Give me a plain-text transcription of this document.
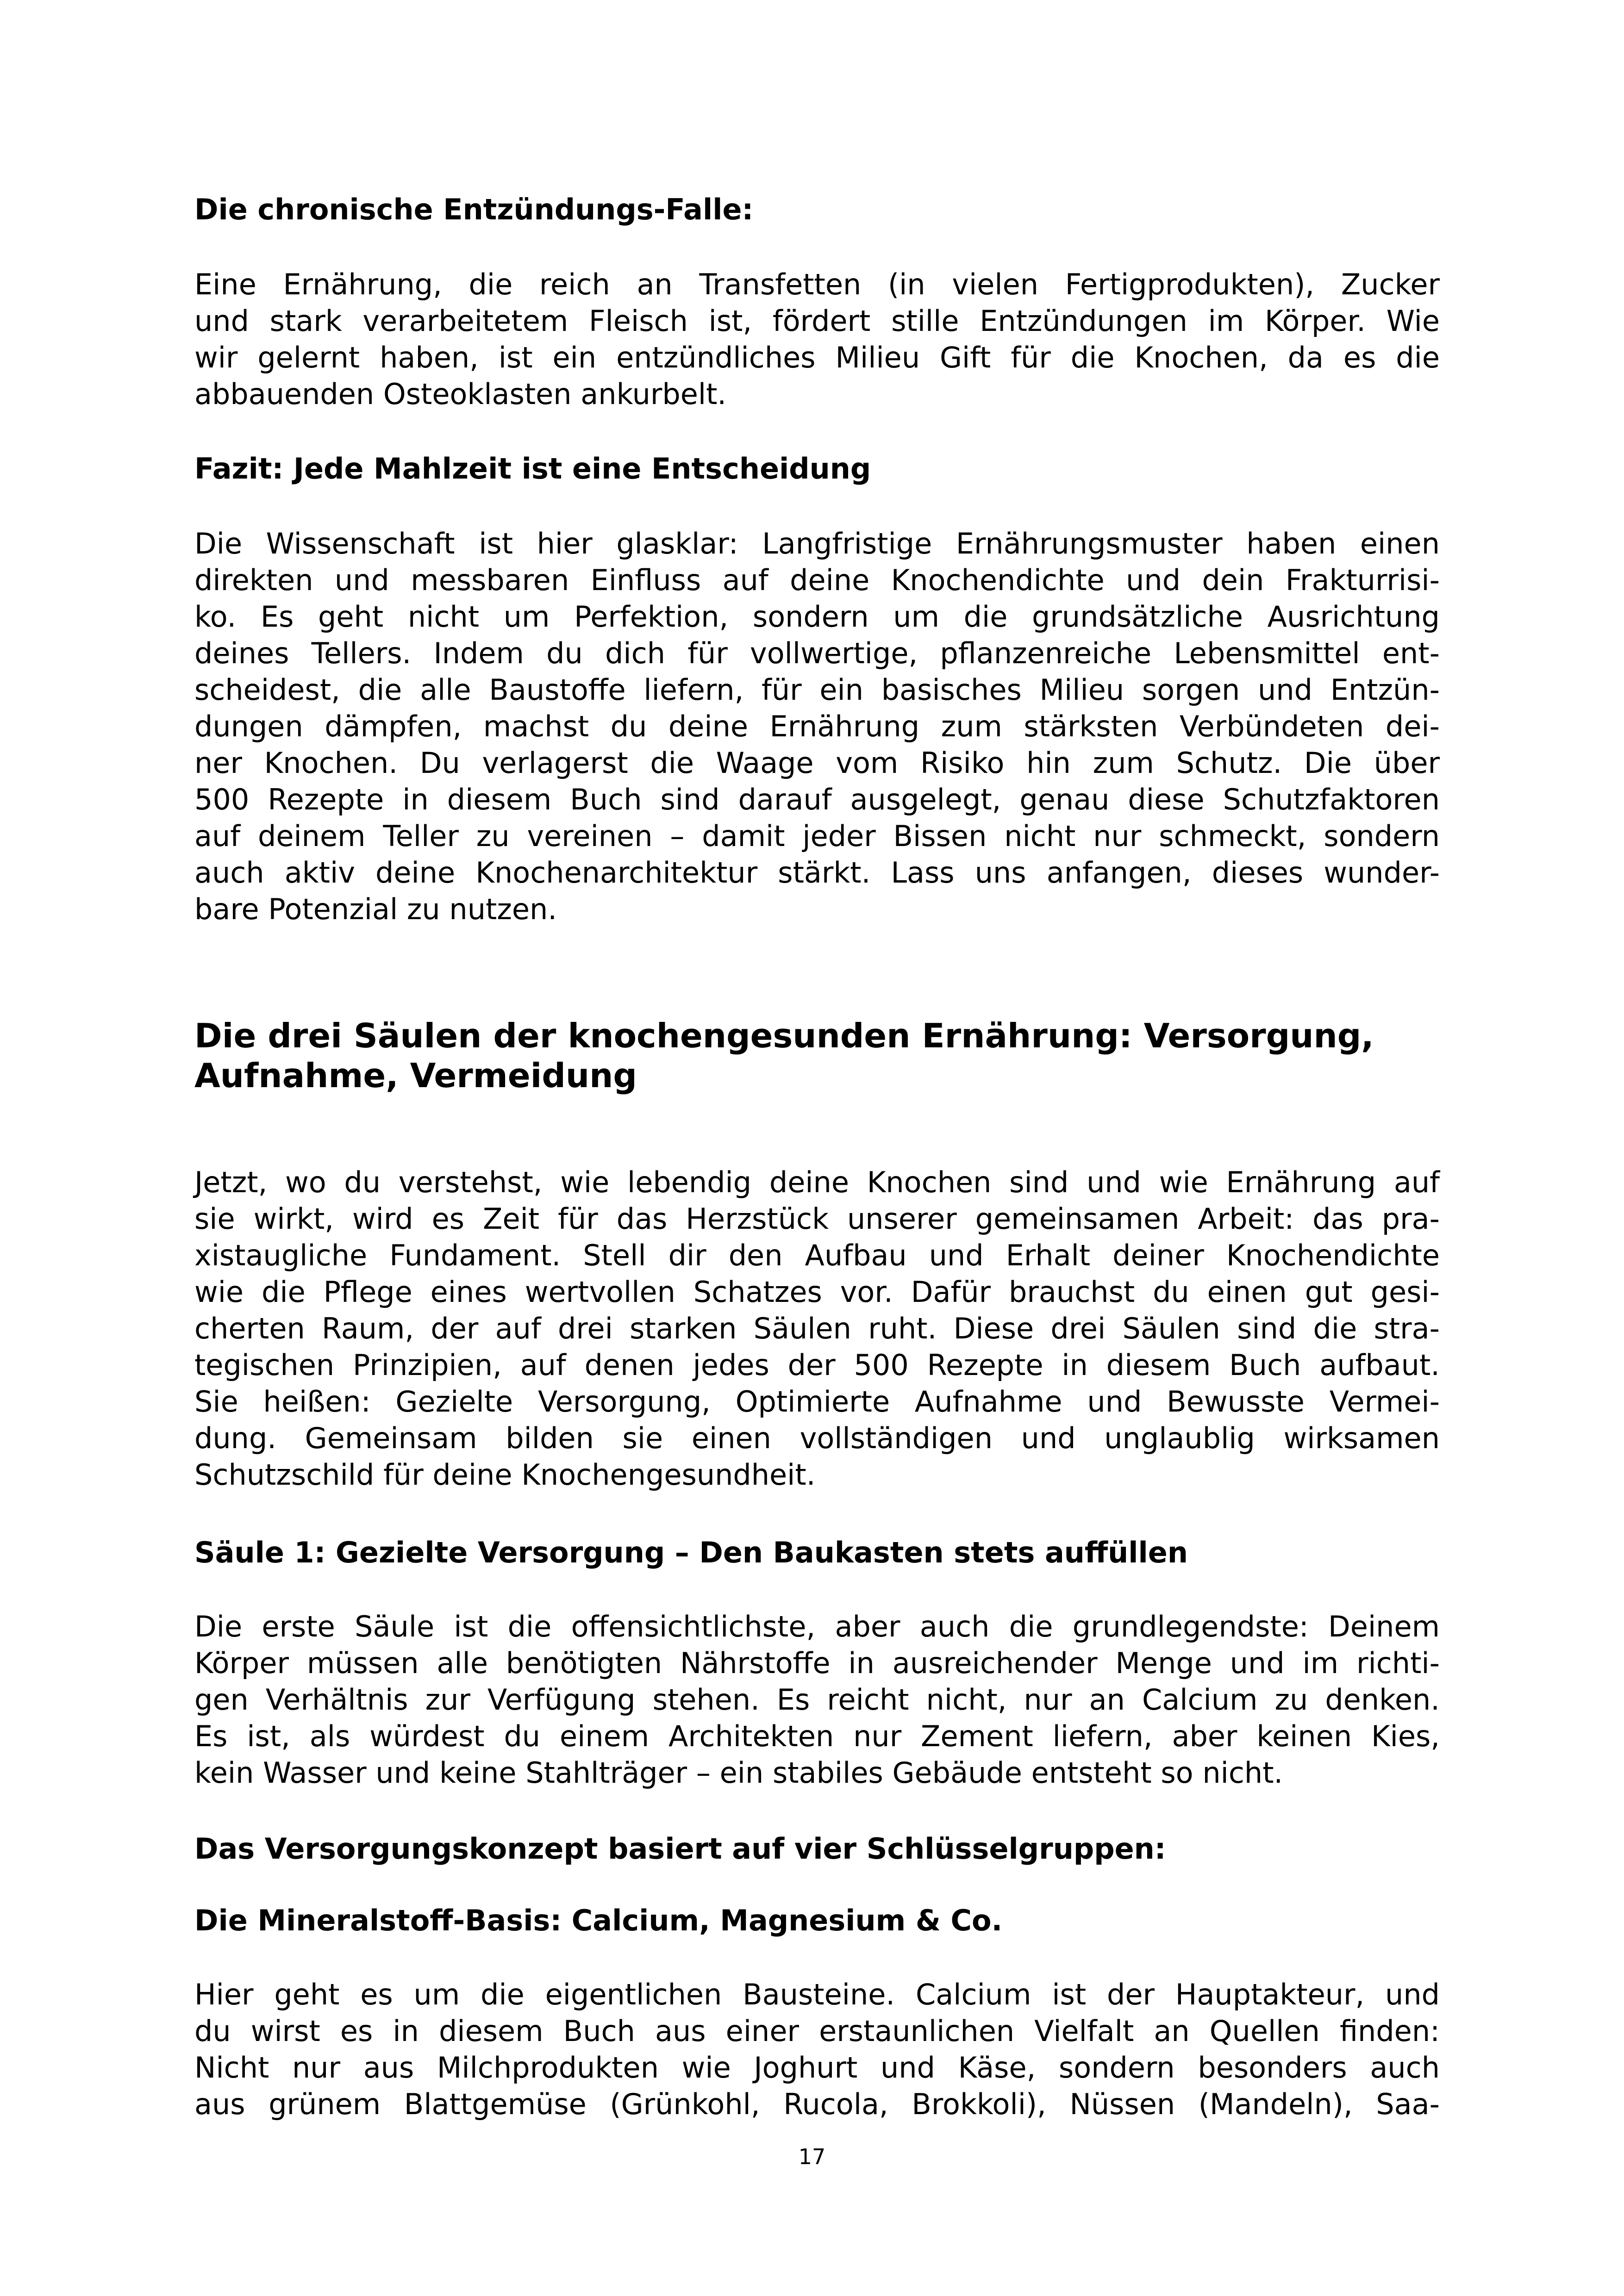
Die chronische Entzündungs-Falle:
Eine Ernährung, die reich an Transfetten (in vielen Fertigprodukten), Zucker
und stark verarbeitetem Fleisch ist, fördert stille Entzündungen im Körper. Wie
wir gelernt haben, ist ein entzündliches Milieu Gift für die Knochen, da es die
abbauenden Osteoklasten ankurbelt.
Fazit: Jede Mahlzeit ist eine Entscheidung
Die Wissenschaft ist hier glasklar: Langfristige Ernährungsmuster haben einen
direkten und messbaren Einfluss auf deine Knochendichte und dein Frakturrisi-
ko. Es geht nicht um Perfektion, sondern um die grundsätzliche Ausrichtung
deines Tellers. Indem du dich für vollwertige, pflanzenreiche Lebensmittel ent-
scheidest, die alle Baustoffe liefern, für ein basisches Milieu sorgen und Entzün-
dungen dämpfen, machst du deine Ernährung zum stärksten Verbündeten dei-
ner Knochen. Du verlagerst die Waage vom Risiko hin zum Schutz. Die über
500 Rezepte in diesem Buch sind darauf ausgelegt, genau diese Schutzfaktoren
auf deinem Teller zu vereinen – damit jeder Bissen nicht nur schmeckt, sondern
auch aktiv deine Knochenarchitektur stärkt. Lass uns anfangen, dieses wunder-
bare Potenzial zu nutzen.
Die drei Säulen der knochengesunden Ernährung: Versorgung,
Aufnahme, Vermeidung
Jetzt, wo du verstehst, wie lebendig deine Knochen sind und wie Ernährung auf
sie wirkt, wird es Zeit für das Herzstück unserer gemeinsamen Arbeit: das pra-
xistaugliche Fundament. Stell dir den Aufbau und Erhalt deiner Knochendichte
wie die Pflege eines wertvollen Schatzes vor. Dafür brauchst du einen gut gesi-
cherten Raum, der auf drei starken Säulen ruht. Diese drei Säulen sind die stra-
tegischen Prinzipien, auf denen jedes der 500 Rezepte in diesem Buch aufbaut.
Sie heißen: Gezielte Versorgung, Optimierte Aufnahme und Bewusste Vermei-
dung. Gemeinsam bilden sie einen vollständigen und unglaublig wirksamen
Schutzschild für deine Knochengesundheit.
Säule 1: Gezielte Versorgung – Den Baukasten stets auffüllen
Die erste Säule ist die offensichtlichste, aber auch die grundlegendste: Deinem
Körper müssen alle benötigten Nährstoffe in ausreichender Menge und im richti-
gen Verhältnis zur Verfügung stehen. Es reicht nicht, nur an Calcium zu denken.
Es ist, als würdest du einem Architekten nur Zement liefern, aber keinen Kies,
kein Wasser und keine Stahlträger – ein stabiles Gebäude entsteht so nicht.
Das Versorgungskonzept basiert auf vier Schlüsselgruppen:
Die Mineralstoff-Basis: Calcium, Magnesium & Co.
Hier geht es um die eigentlichen Bausteine. Calcium ist der Hauptakteur, und
du wirst es in diesem Buch aus einer erstaunlichen Vielfalt an Quellen finden:
Nicht nur aus Milchprodukten wie Joghurt und Käse, sondern besonders auch
aus grünem Blattgemüse (Grünkohl, Rucola, Brokkoli), Nüssen (Mandeln), Saa-
17
